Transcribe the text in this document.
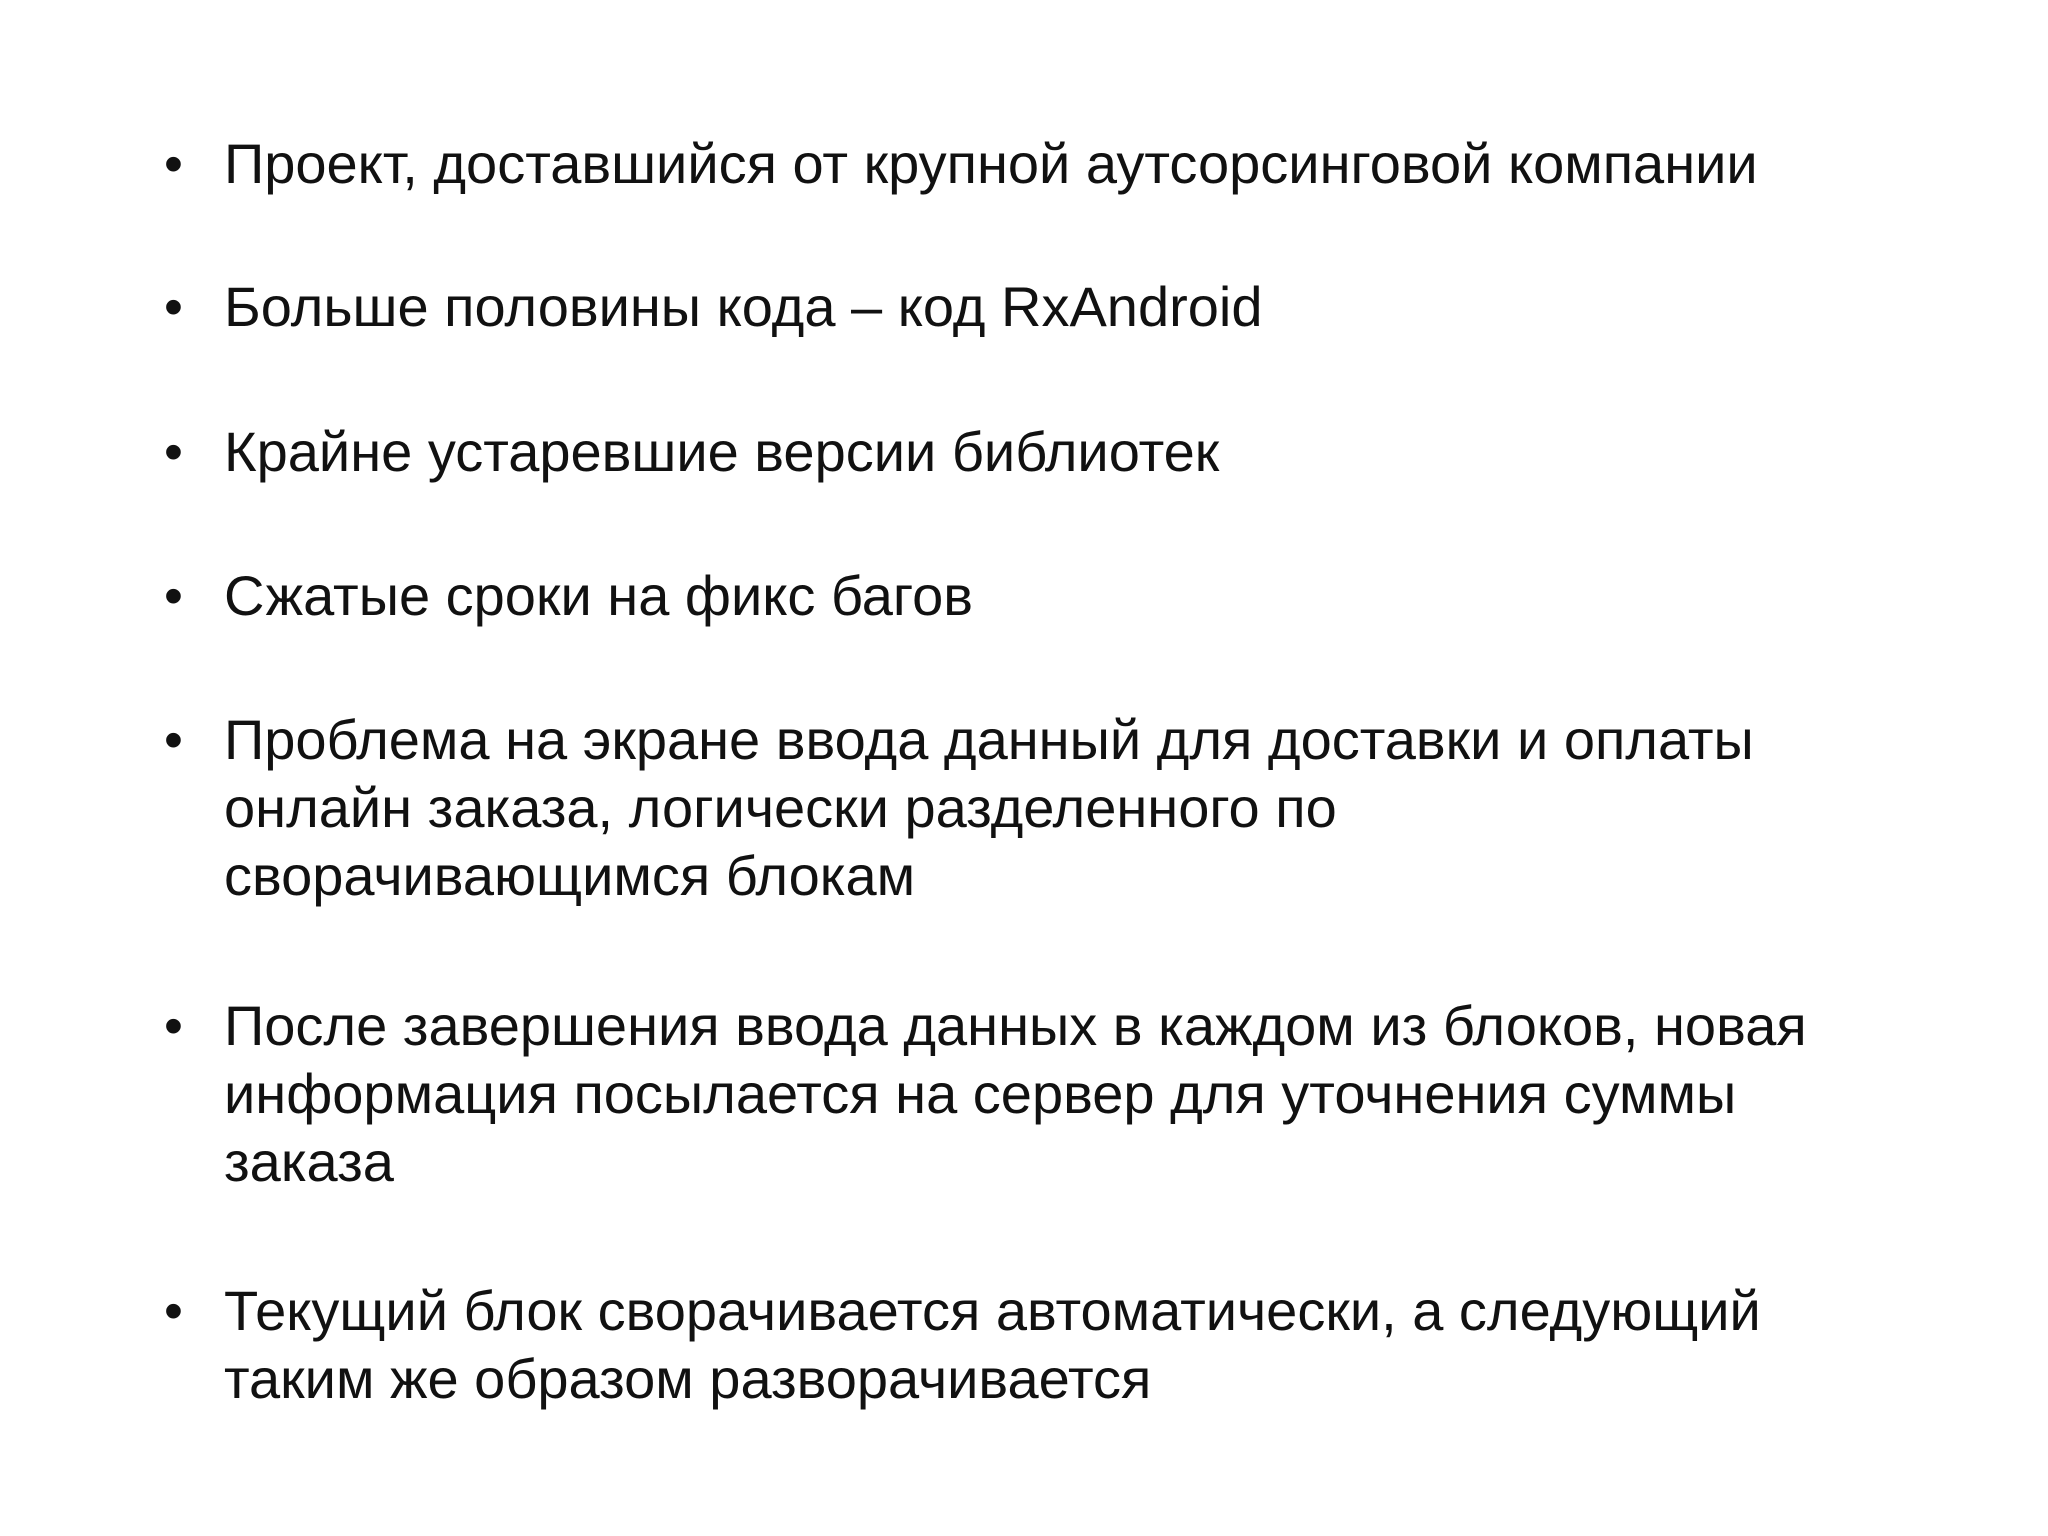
• Проект, доставшийся от крупной аутсорсинговой компании
• Больше половины кода – код RxAndroid
• Крайне устаревшие версии библиотек
• Сжатые сроки на фикс багов
• Проблема на экране ввода данный для доставки и оплаты
онлайн заказа, логически разделенного по
сворачивающимся блокам
• После завершения ввода данных в каждом из блоков, новая
информация посылается на сервер для уточнения суммы
заказа
• Текущий блок сворачивается автоматически, а следующий
таким же образом разворачивается
